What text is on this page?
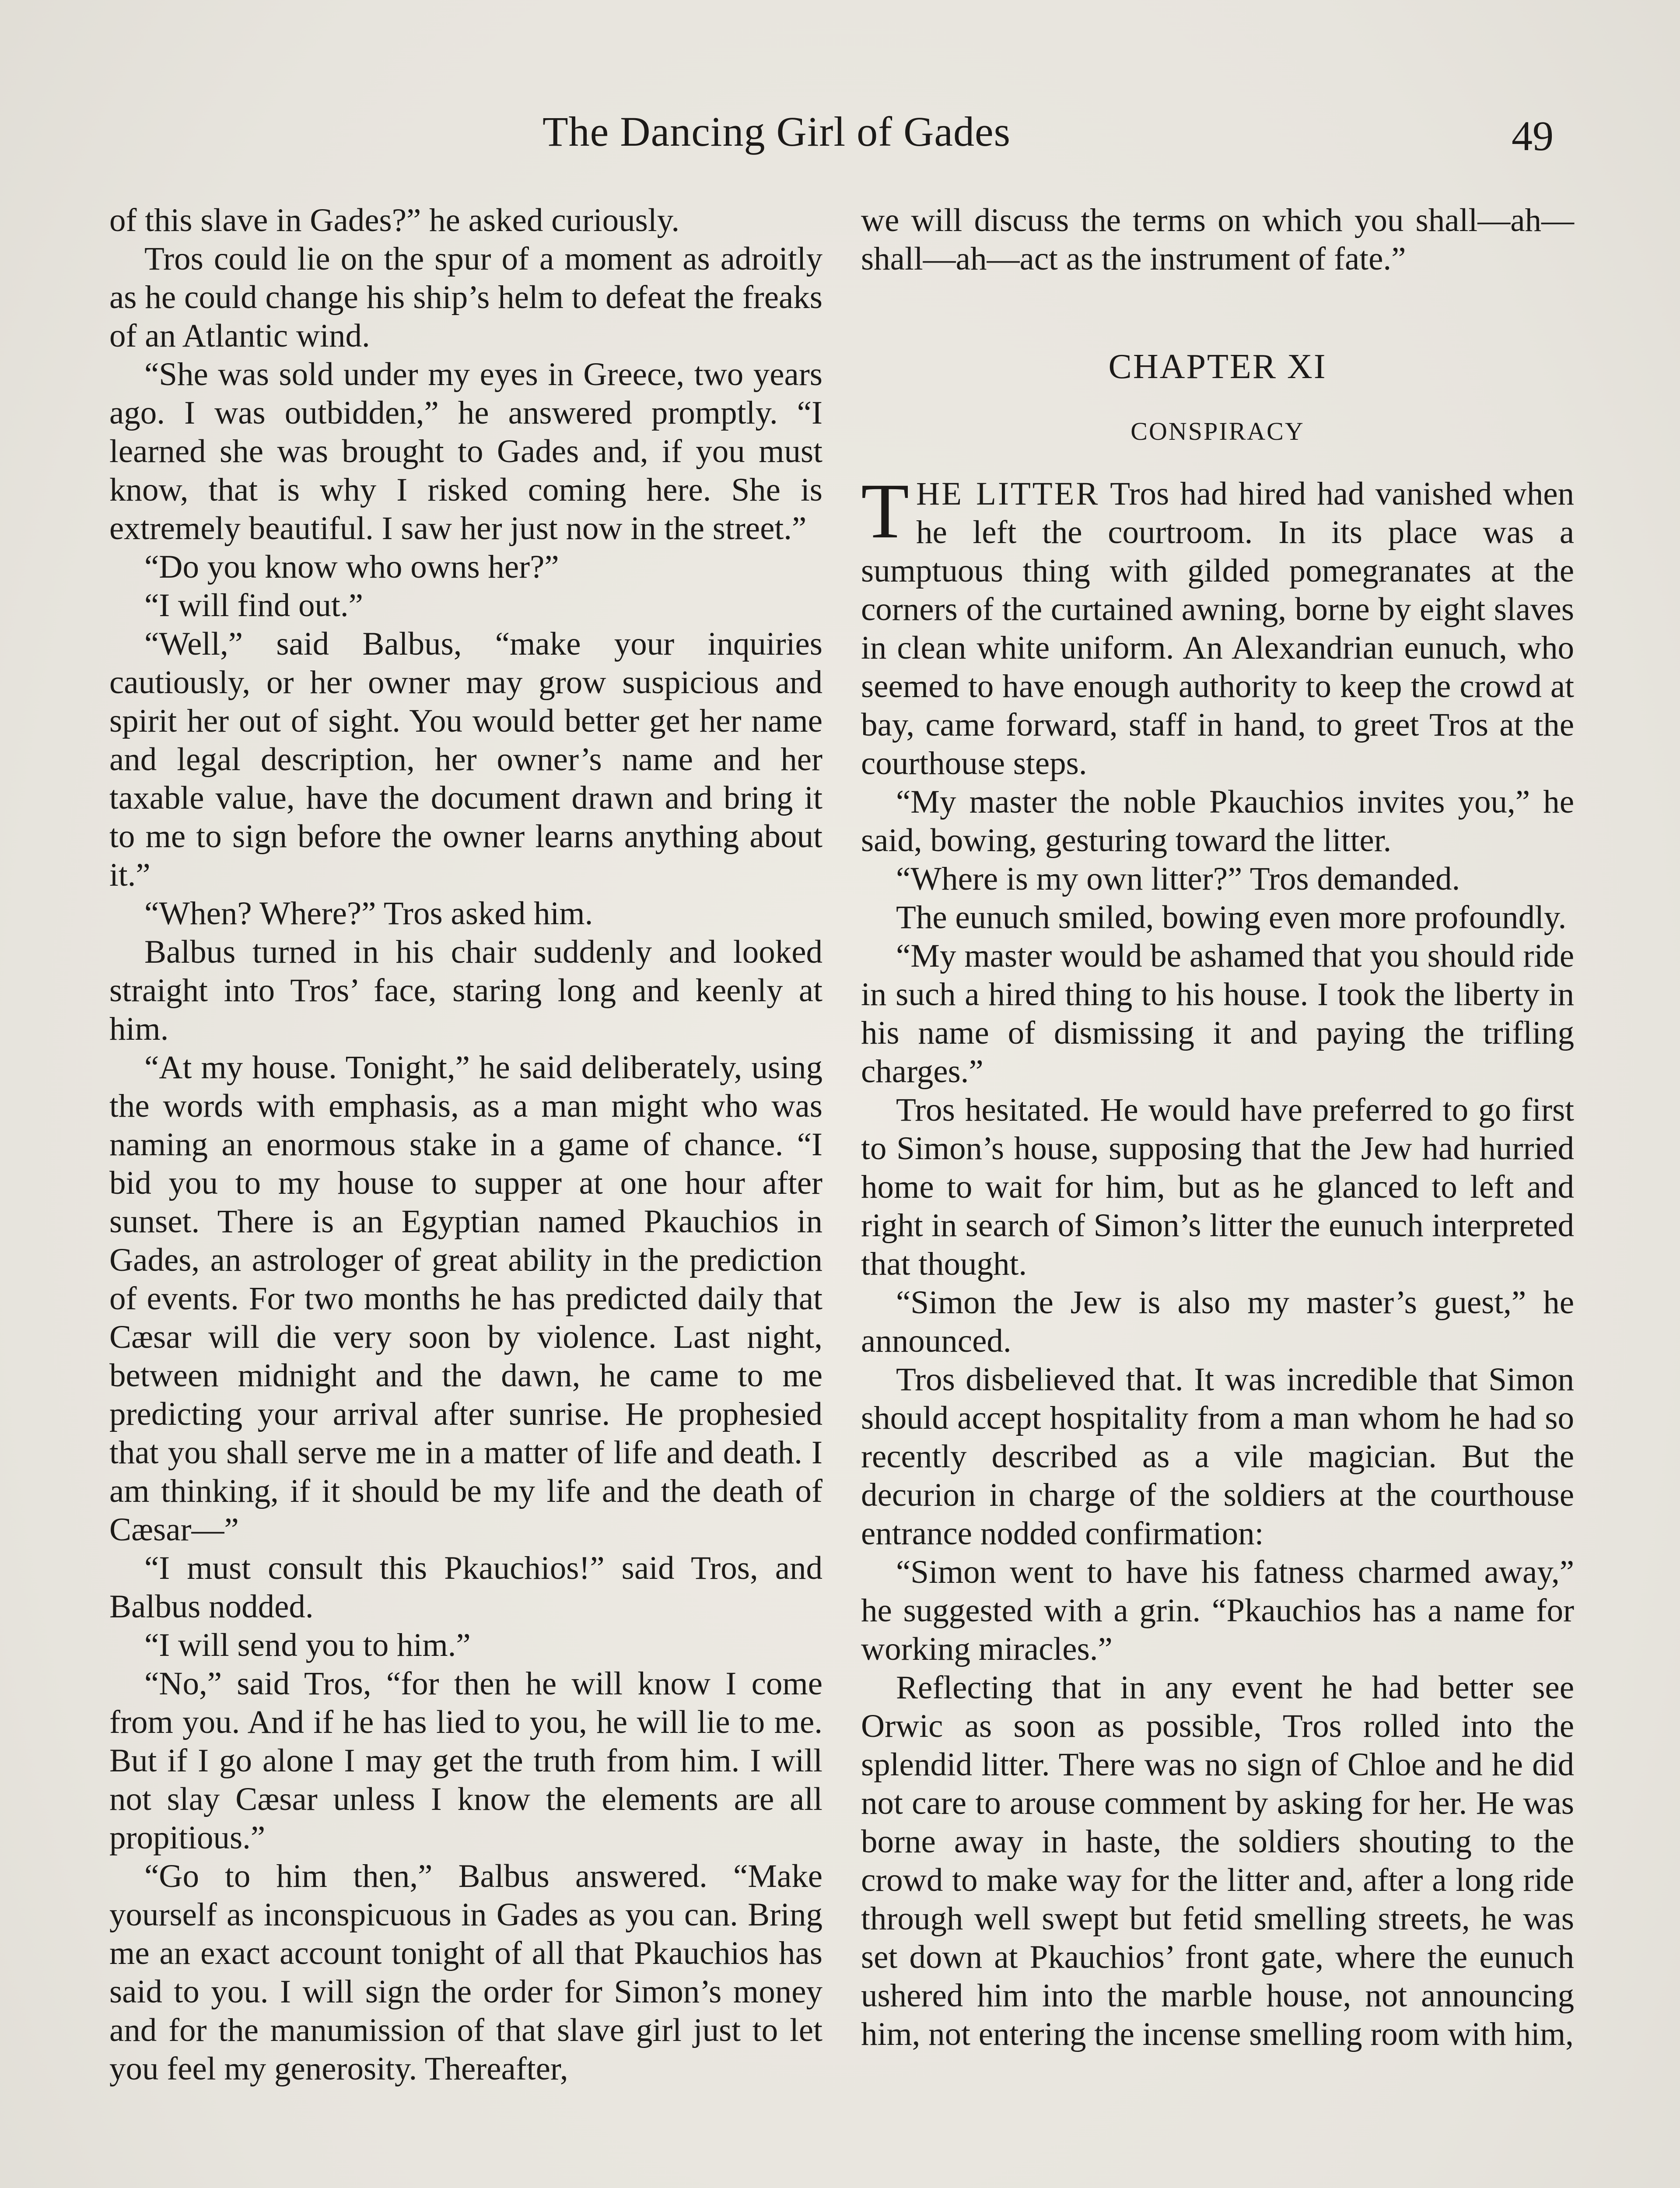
The Dancing Girl of Gades	49

of this slave in Gades?” he asked curiously.

Tros could lie on the spur of a moment as adroitly as he could change his ship’s helm to defeat the freaks of an Atlantic wind.

“She was sold under my eyes in Greece, two years ago. I was outbidden,” he answered promptly. “I learned she was brought to Gades and, if you must know, that is why I risked coming here. She is extremely beautiful. I saw her just now in the street.”

“Do you know who owns her?”

“I will find out.”

“Well,” said Balbus, “make your inquiries cautiously, or her owner may grow suspicious and spirit her out of sight. You would better get her name and legal description, her owner’s name and her taxable value, have the document drawn and bring it to me to sign before the owner learns anything about it.”

“When? Where?” Tros asked him.

Balbus turned in his chair suddenly and looked straight into Tros’ face, staring long and keenly at him.

“At my house. Tonight,” he said deliberately, using the words with emphasis, as a man might who was naming an enormous stake in a game of chance. “I bid you to my house to supper at one hour after sunset. There is an Egyptian named Pkauchios in Gades, an astrologer of great ability in the prediction of events. For two months he has predicted daily that Cæsar will die very soon by violence. Last night, between midnight and the dawn, he came to me predicting your arrival after sunrise. He prophesied that you shall serve me in a matter of life and death. I am thinking, if it should be my life and the death of Cæsar—”

“I must consult this Pkauchios!” said Tros, and Balbus nodded.

“I will send you to him.”

“No,” said Tros, “for then he will know I come from you. And if he has lied to you, he will lie to me. But if I go alone I may get the truth from him. I will not slay Cæsar unless I know the elements are all propitious.”

“Go to him then,” Balbus answered. “Make yourself as inconspicuous in Gades as you can. Bring me an exact account tonight of all that Pkauchios has said to you. I will sign the order for Simon’s money and for the manumission of that slave girl just to let you feel my generosity. Thereafter,

we will discuss the terms on which you shall—ah—shall—ah—act as the instrument of fate.”

CHAPTER XI
CONSPIRACY

THE LITTER Tros had hired had vanished when he left the courtroom. In its place was a sumptuous thing with gilded pomegranates at the corners of the curtained awning, borne by eight slaves in clean white uniform. An Alexandrian eunuch, who seemed to have enough authority to keep the crowd at bay, came forward, staff in hand, to greet Tros at the courthouse steps.

“My master the noble Pkauchios invites you,” he said, bowing, gesturing toward the litter.

“Where is my own litter?” Tros demanded.

The eunuch smiled, bowing even more profoundly.

“My master would be ashamed that you should ride in such a hired thing to his house. I took the liberty in his name of dismissing it and paying the trifling charges.”

Tros hesitated. He would have preferred to go first to Simon’s house, supposing that the Jew had hurried home to wait for him, but as he glanced to left and right in search of Simon’s litter the eunuch interpreted that thought.

“Simon the Jew is also my master’s guest,” he announced.

Tros disbelieved that. It was incredible that Simon should accept hospitality from a man whom he had so recently described as a vile magician. But the decurion in charge of the soldiers at the courthouse entrance nodded confirmation:

“Simon went to have his fatness charmed away,” he suggested with a grin. “Pkauchios has a name for working miracles.”

Reflecting that in any event he had better see Orwic as soon as possible, Tros rolled into the splendid litter. There was no sign of Chloe and he did not care to arouse comment by asking for her. He was borne away in haste, the soldiers shouting to the crowd to make way for the litter and, after a long ride through well swept but fetid smelling streets, he was set down at Pkauchios’ front gate, where the eunuch ushered him into the marble house, not announcing him, not entering the incense smelling room with him,
